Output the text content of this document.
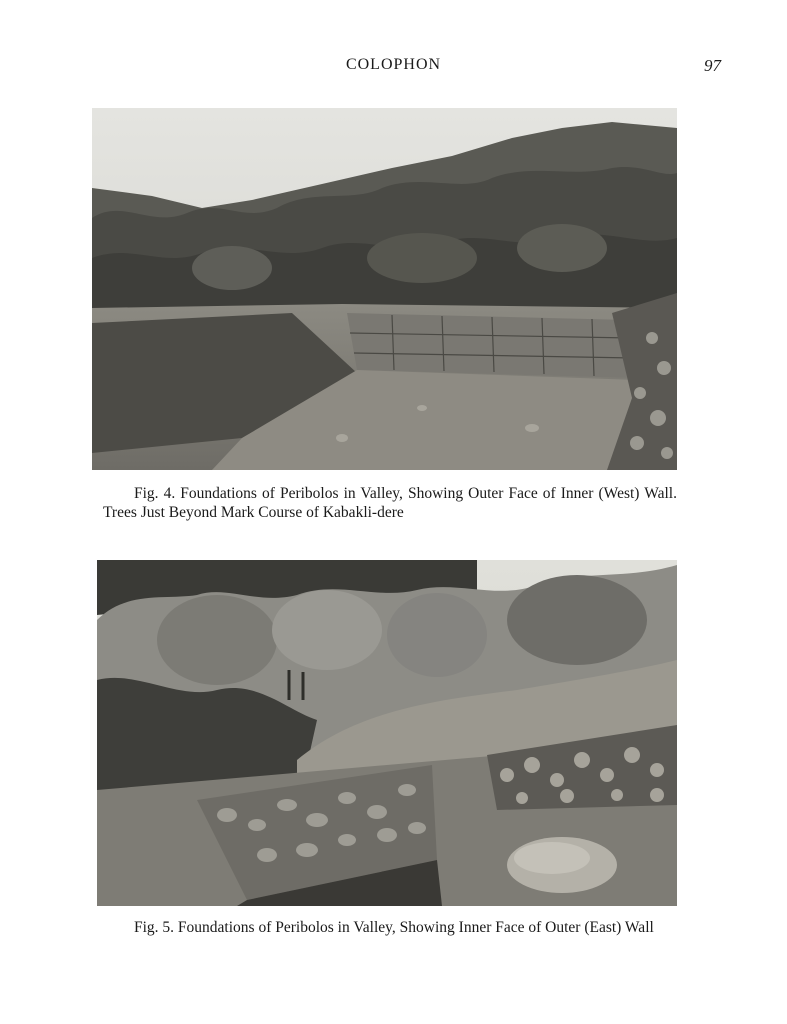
COLOPHON	97
Fig. 4. Foundations of Peribolos in Valley, Showing Outer Face of Inner (West) Wall. Trees Just Beyond Mark Course of Kabakli-dere
Fig. 5. Foundations of Peribolos in Valley, Showing Inner Face of Outer (East) Wall
